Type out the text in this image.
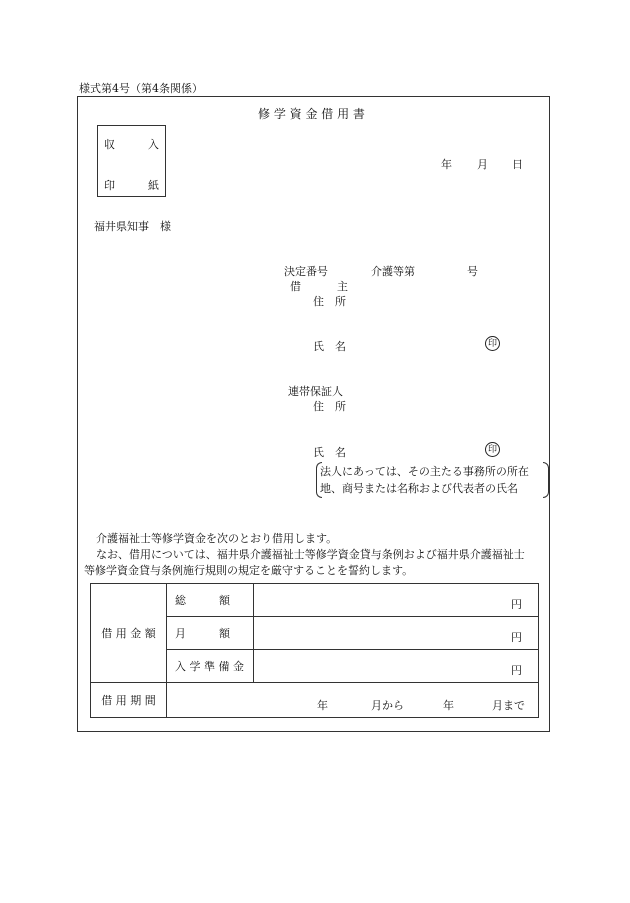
様式第4号（第4条関係）
修 学 資 金 借 用 書
収	入
印	紙
年 月 日
福井県知事　様
決定番号	介護等第	号
借	主
住　所
氏　名	印
連帯保証人
住　所
氏　名	印
法人にあっては、その主たる事務所の所在
地、商号または名称および代表者の氏名
介護福祉士等修学資金を次のとおり借用します。
なお、借用については、福井県介護福祉士等修学資金貸与条例および福井県介護福祉士
等修学資金貸与条例施行規則の規定を厳守することを誓約します。
借 用 金 額	総　　　額	円

	月　　　額	円

	入 学 準 備 金	円

借 用 期 間	年 月から 年 月まで	
